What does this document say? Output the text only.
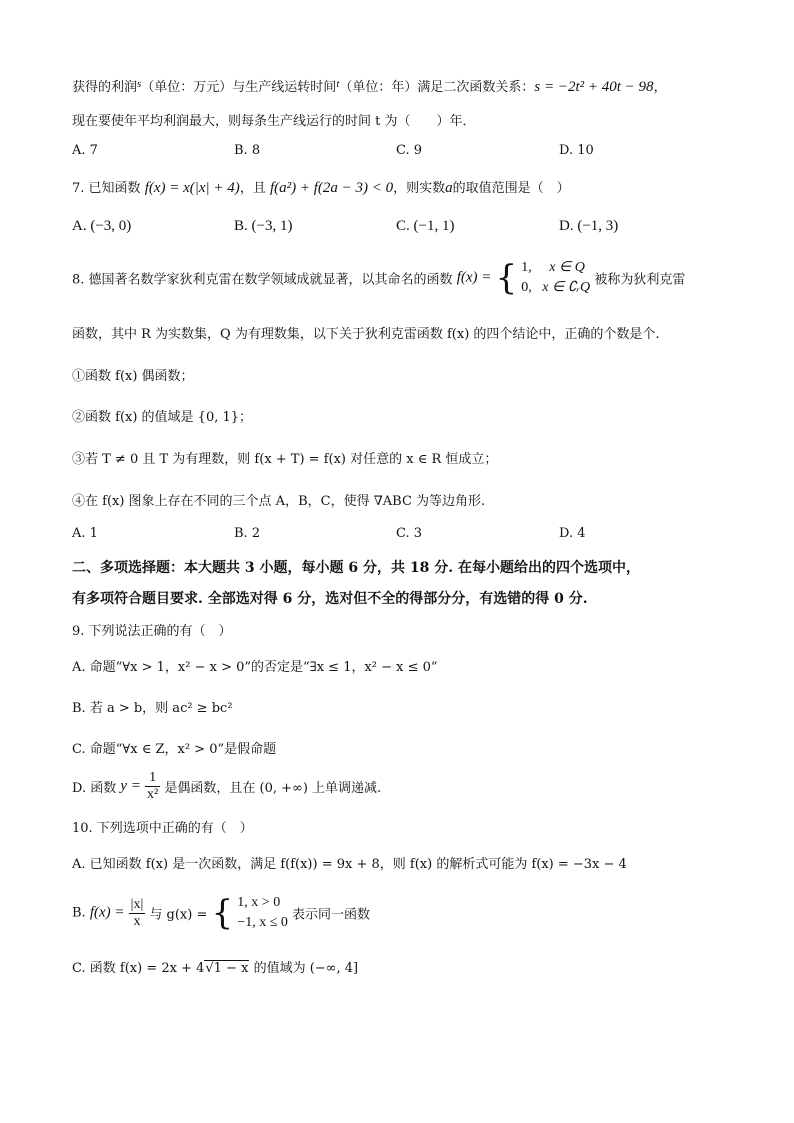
获得的利润$^s$（单位：万元）与生产线运转时间$^t$（单位：年）满足二次函数关系：s = −2t² + 40t − 98，
现在要使年平均利润最大，则每条生产线运行的时间 t 为（　　）年．
A. 7	B. 8	C. 9	D. 10
7. 已知函数 f(x) = x(|x| + 4)，且 f(a²) + f(2a − 3) < 0，则实数a的取值范围是（　）
A. (−3, 0)	B. (−3, 1)	C. (−1, 1)	D. (−1, 3)
8. 德国著名数学家狄利克雷在数学领域成就显著，以其命名的函数 f(x) = { 1, x ∈ Q
0, x ∈ ∁ᵣQ 被称为狄利克雷
函数，其中 R 为实数集，Q 为有理数集，以下关于狄利克雷函数 f(x) 的四个结论中，正确的个数是个.
①函数 f(x) 偶函数；
②函数 f(x) 的值域是 {0, 1}；
③若 T ≠ 0 且 T 为有理数，则 f(x + T) = f(x) 对任意的 x ∈ R 恒成立；
④在 f(x) 图象上存在不同的三个点 A，B，C，使得 ∇ABC 为等边角形.
A. 1	B. 2	C. 3	D. 4
二、多项选择题：本大题共 3 小题，每小题 6 分，共 18 分. 在每小题给出的四个选项中，
有多项符合题目要求. 全部选对得 6 分，选对但不全的得部分分，有选错的得 0 分.
9. 下列说法正确的有（　）
A. 命题“∀x > 1，x² − x > 0”的否定是“∃x ≤ 1，x² − x ≤ 0”
B. 若 a > b，则 ac² ≥ bc²
C. 命题“∀x ∈ Z，x² > 0”是假命题
D. 函数 $y = \frac{1}{\text{x²}}$ 是偶函数，且在 (0, +∞) 上单调递减.
10. 下列选项中正确的有（　）
A. 已知函数 f(x) 是一次函数，满足 f(f(x)) = 9x + 8，则 f(x) 的解析式可能为 f(x) = −3x − 4
B. $f(x) = \frac{|x|}{x}$ 与 g(x) = { 1, x > 0
−1, x ≤ 0 表示同一函数
C. 函数 f(x) = 2x + 4√1 − x 的值域为 (−∞, 4]
